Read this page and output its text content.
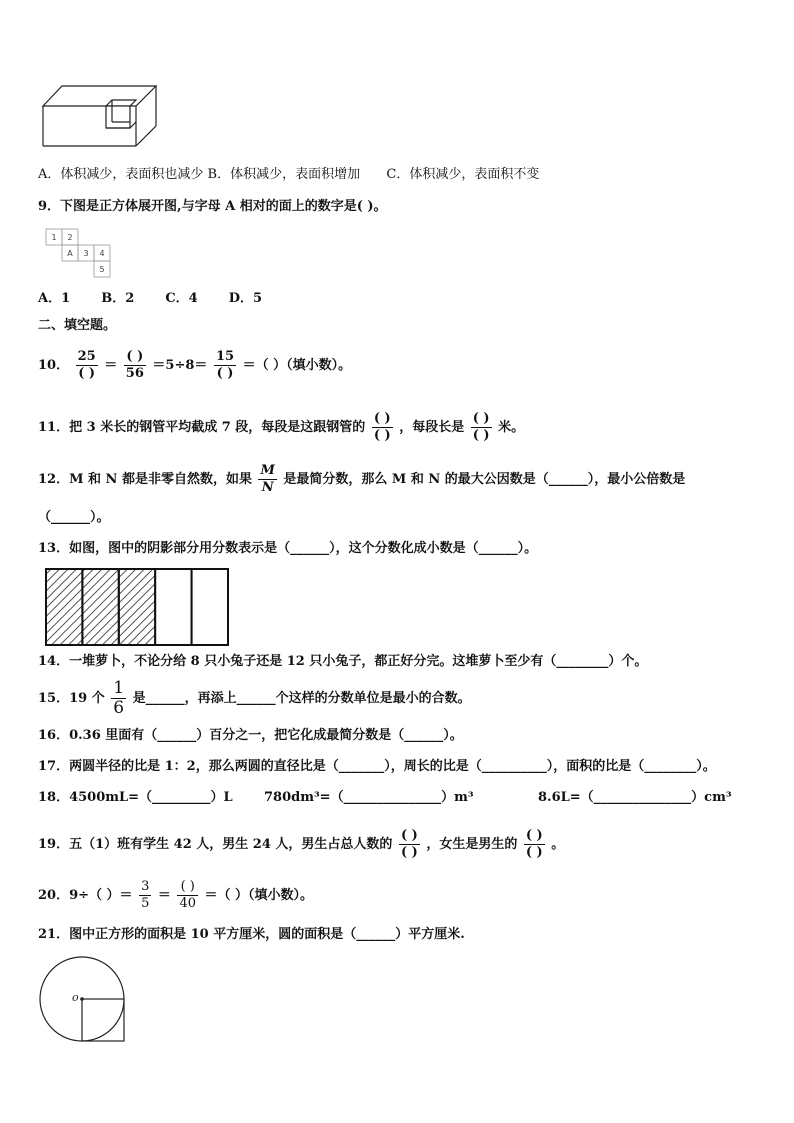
A．体积减少，表面积也减少 B．体积减少，表面积增加 C．体积减少，表面积不变
9．下图是正方体展开图,与字母 A 相对的面上的数字是( )。
1 2
A 3 4
5
A．1 B．2 C．4 D．5
二、填空题。
10． $\frac{25}{( )} = \frac{( )}{56} =5\div 8= \frac{15}{( )}$ ＝（ ）（填小数）。
11．把 3 米长的钢管平均截成 7 段，每段是这跟钢管的 $\frac{( )}{( )}$ ，每段长是 $\frac{( )}{( )}$ 米。
12．M 和 N 都是非零自然数，如果 $\frac{M}{N}$ 是最简分数，那么 M 和 N 的最大公因数是（______），最小公倍数是
（______）。
13．如图，图中的阴影部分用分数表示是（______），这个分数化成小数是（______）。
14．一堆萝卜，不论分给 8 只小兔子还是 12 只小兔子，都正好分完。这堆萝卜至少有（________）个。
15．19 个 $\frac{1}{6}$ 是______，再添上______个这样的分数单位是最小的合数。
16．0.36 里面有（______）百分之一，把它化成最简分数是（______）。
17．两圆半径的比是 1：2，那么两圆的直径比是（_______），周长的比是（__________），面积的比是（________）。
18．4500mL=（_________）L 780dm³=（_______________）m³	8.6L=（_______________）cm³
19．五（1）班有学生 42 人，男生 24 人，男生占总人数的 $\frac{( )}{( )}$ ，女生是男生的 $\frac{( )}{( )}$ 。
20．9÷（ ）＝ $\frac{3}{5} = \frac{( )}{40}$ ＝（ ）（填小数）。
21．图中正方形的面积是 10 平方厘米，圆的面积是（______）平方厘米.
o
